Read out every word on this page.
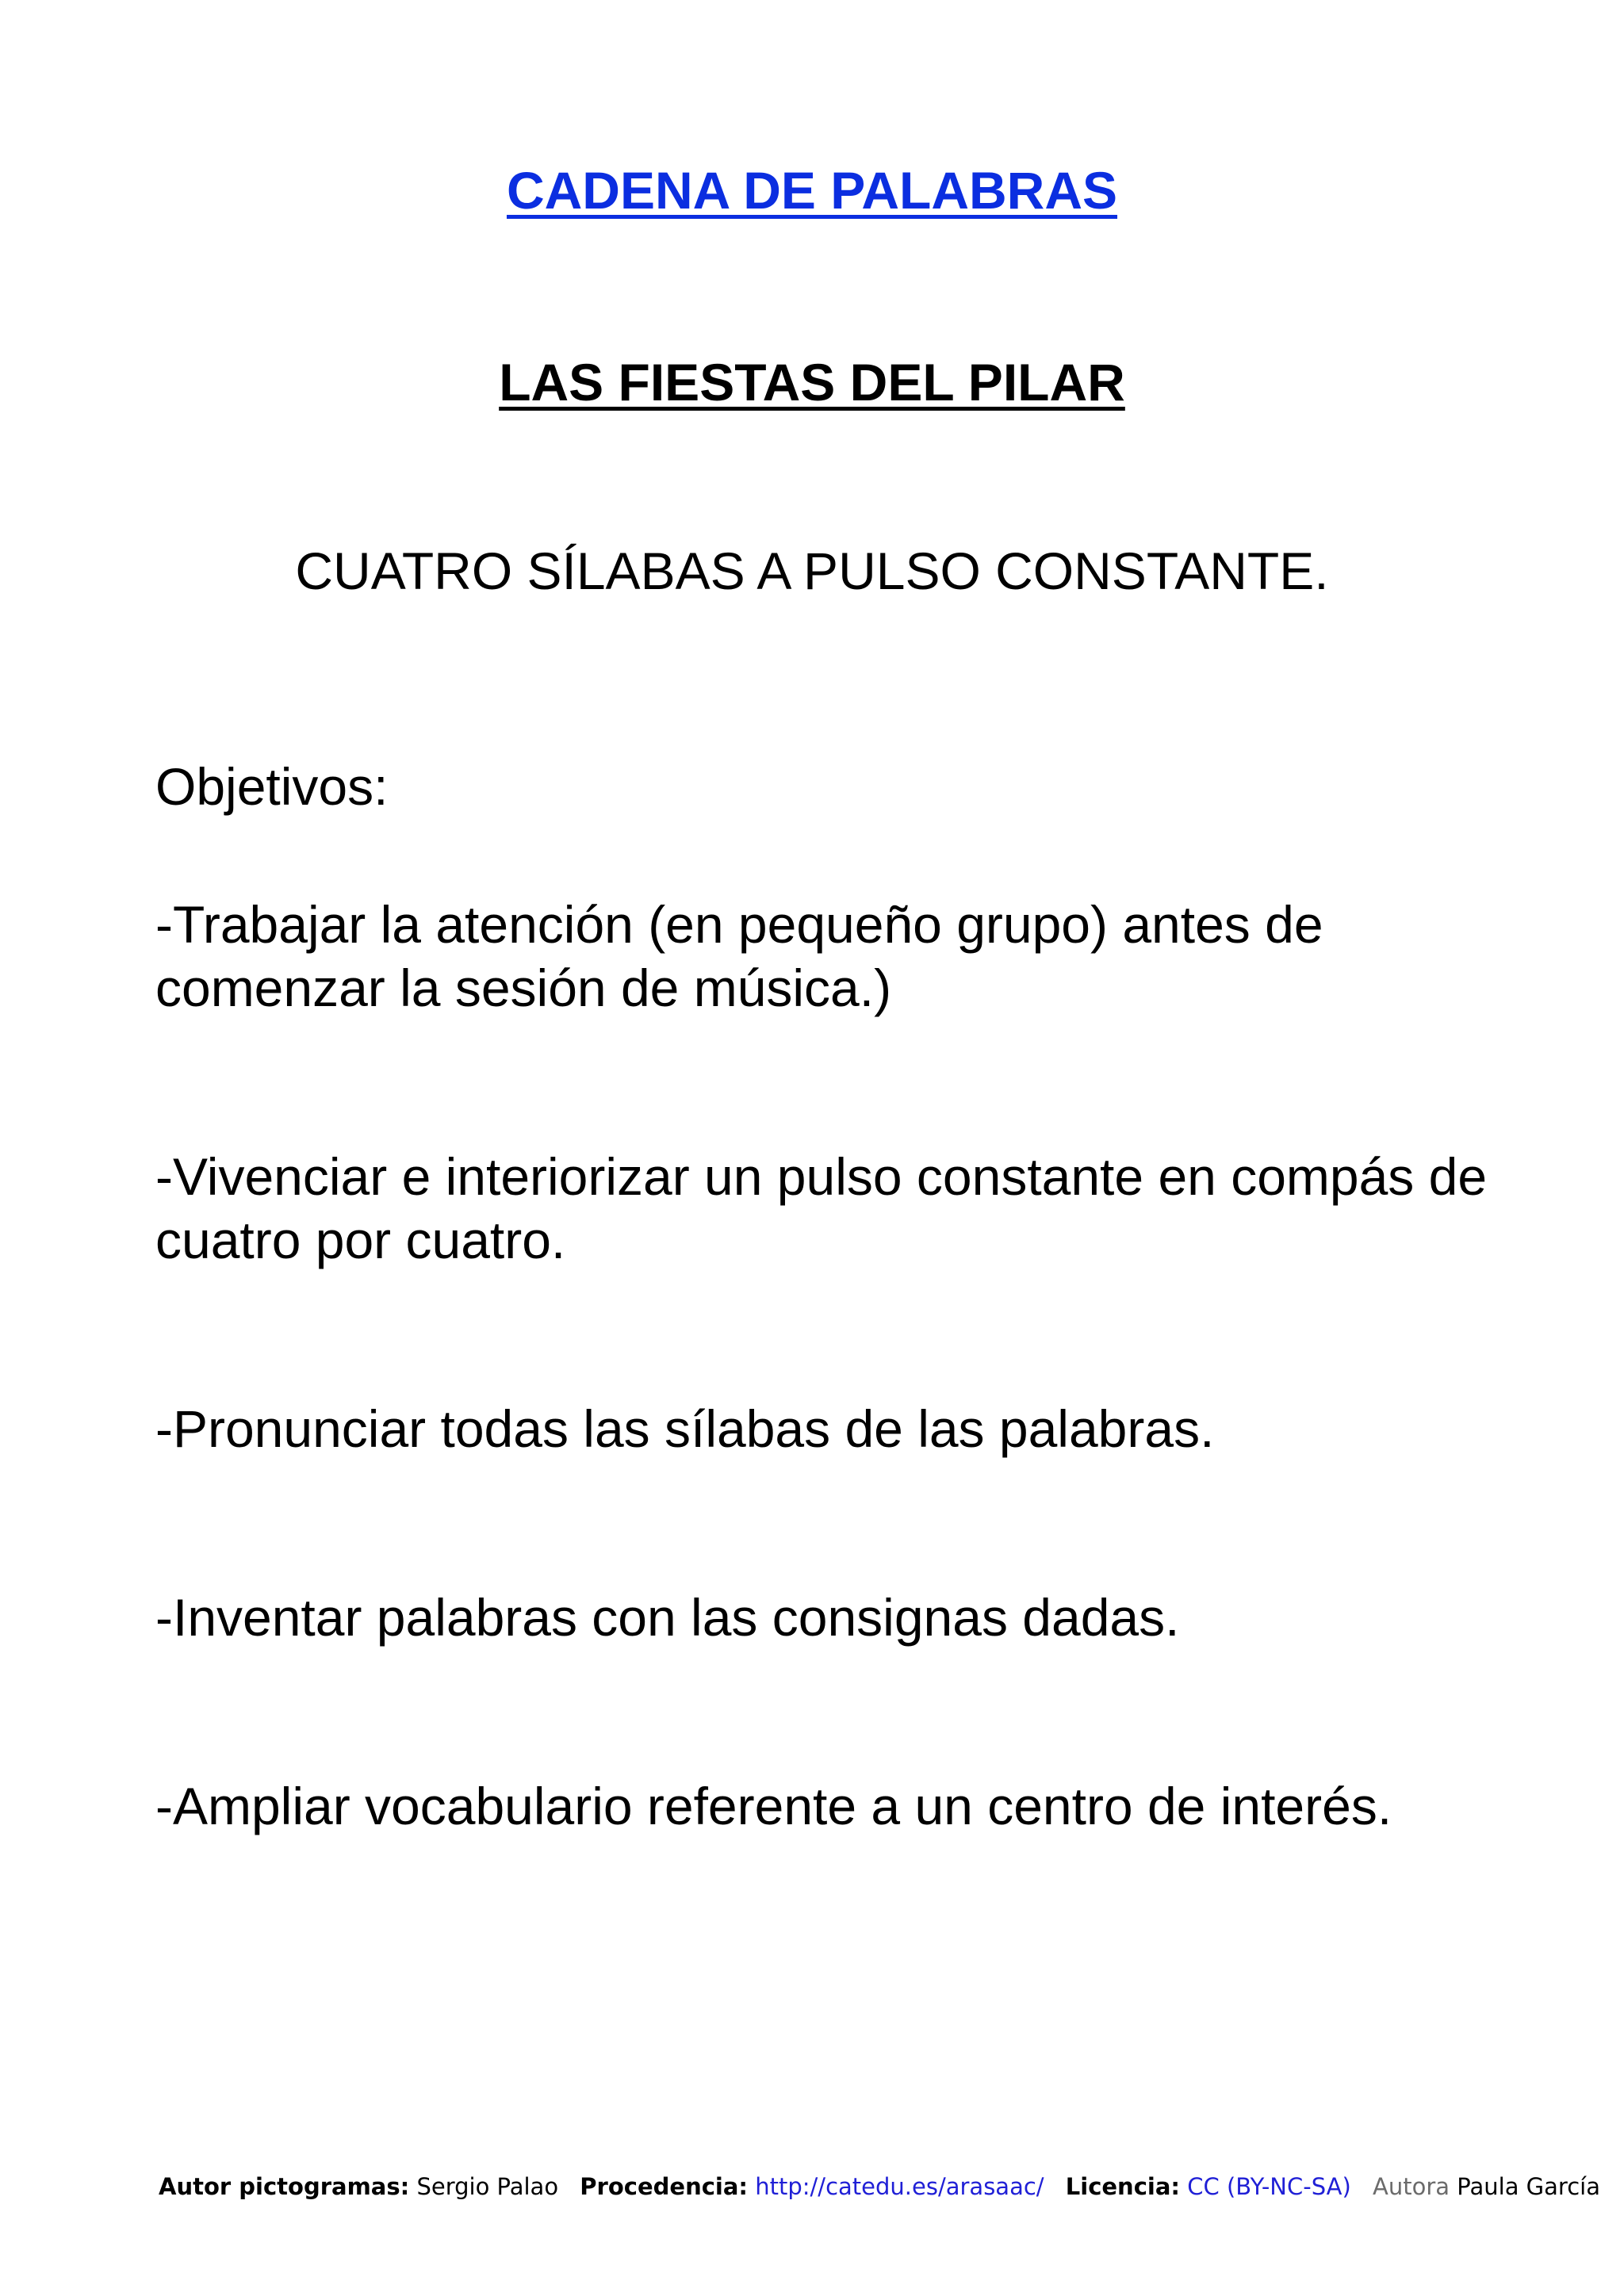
CADENA DE PALABRAS
LAS FIESTAS DEL PILAR
CUATRO SÍLABAS A PULSO CONSTANTE.
Objetivos:
-Trabajar la atención (en pequeño grupo) antes de comenzar la sesión de música.)
-Vivenciar e interiorizar un pulso constante en compás de cuatro por cuatro.
-Pronunciar todas las sílabas de las palabras.
-Inventar palabras con las consignas dadas.
-Ampliar vocabulario referente a un centro de interés.
Autor pictogramas: Sergio Palao Procedencia: http://catedu.es/arasaac/ Licencia: CC (BY-NC-SA) Autora Paula García
